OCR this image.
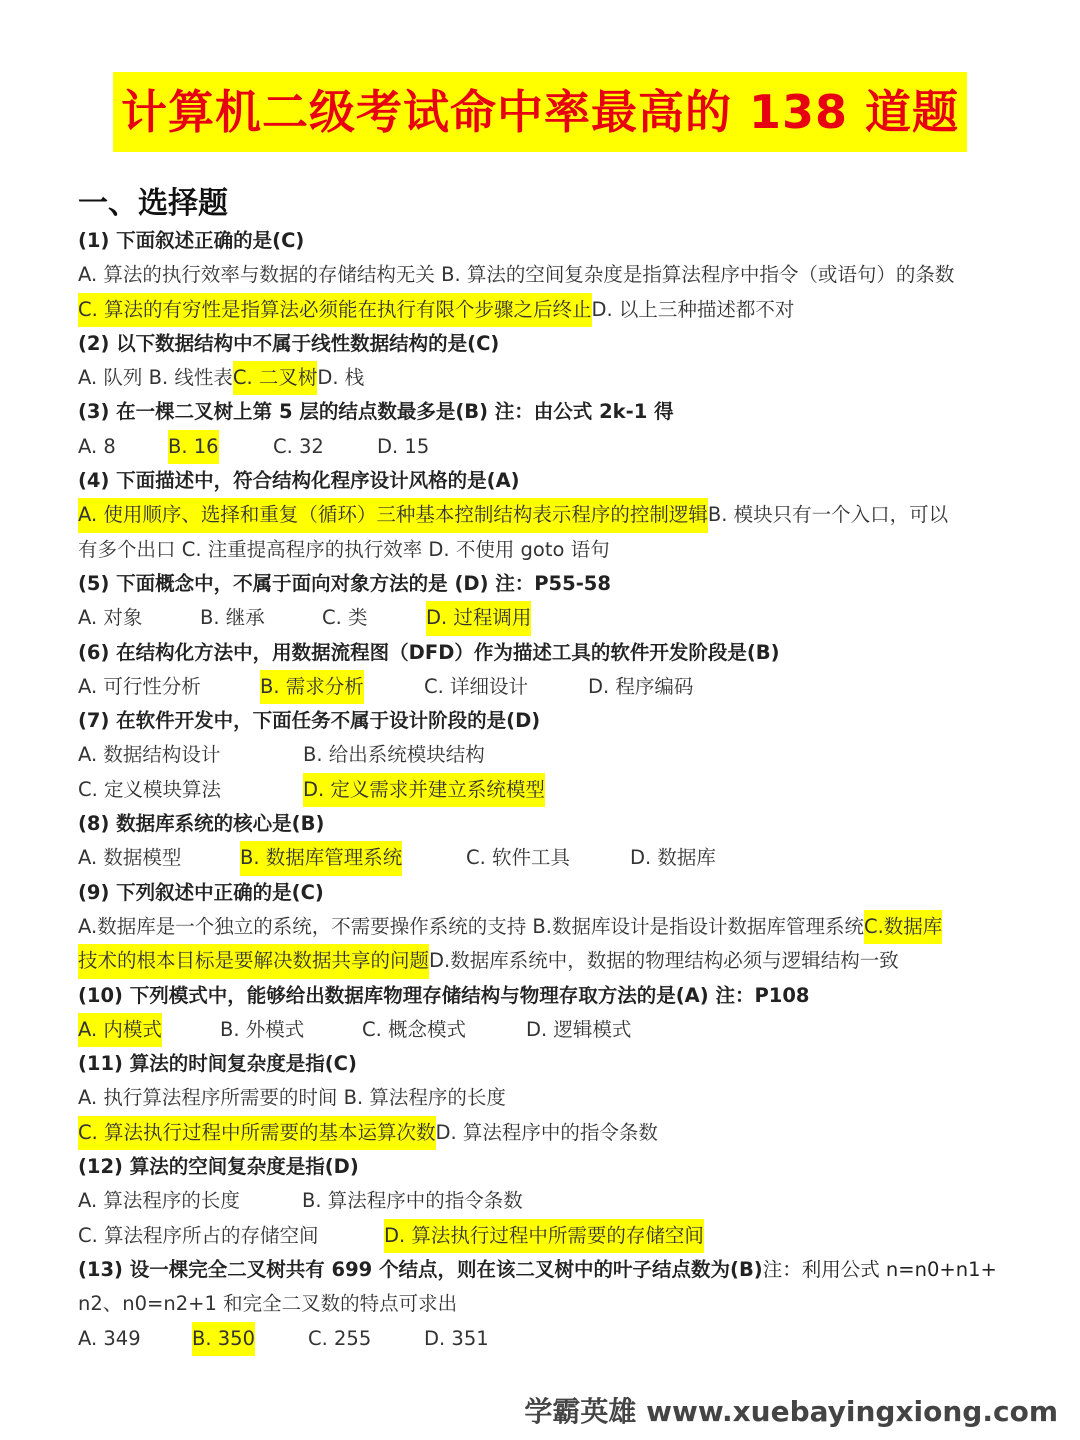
计算机二级考试命中率最高的 138 道题
一、选择题
(1) 下面叙述正确的是(C)
A. 算法的执行效率与数据的存储结构无关 B. 算法的空间复杂度是指算法程序中指令（或语句）的条数
C. 算法的有穷性是指算法必须能在执行有限个步骤之后终止D. 以上三种描述都不对
(2) 以下数据结构中不属于线性数据结构的是(C)
A. 队列 B. 线性表C. 二叉树D. 栈
(3) 在一棵二叉树上第 5 层的结点数最多是(B) 注：由公式 2k-1 得
A. 8	B. 16	C. 32	D. 15
(4) 下面描述中，符合结构化程序设计风格的是(A)
A. 使用顺序、选择和重复（循环）三种基本控制结构表示程序的控制逻辑B. 模块只有一个入口，可以
有多个出口 C. 注重提高程序的执行效率 D. 不使用 goto 语句
(5) 下面概念中，不属于面向对象方法的是 (D) 注：P55-58
A. 对象	B. 继承	C. 类	D. 过程调用
(6) 在结构化方法中，用数据流程图（DFD）作为描述工具的软件开发阶段是(B)
A. 可行性分析	B. 需求分析	C. 详细设计	D. 程序编码
(7) 在软件开发中，下面任务不属于设计阶段的是(D)
A. 数据结构设计	B. 给出系统模块结构
C. 定义模块算法	D. 定义需求并建立系统模型
(8) 数据库系统的核心是(B)
A. 数据模型	B. 数据库管理系统	C. 软件工具	D. 数据库
(9) 下列叙述中正确的是(C)
A.数据库是一个独立的系统，不需要操作系统的支持 B.数据库设计是指设计数据库管理系统C.数据库
技术的根本目标是要解决数据共享的问题D.数据库系统中，数据的物理结构必须与逻辑结构一致
(10) 下列模式中，能够给出数据库物理存储结构与物理存取方法的是(A) 注：P108
A. 内模式	B. 外模式	C. 概念模式	D. 逻辑模式
(11) 算法的时间复杂度是指(C)
A. 执行算法程序所需要的时间 B. 算法程序的长度
C. 算法执行过程中所需要的基本运算次数D. 算法程序中的指令条数
(12) 算法的空间复杂度是指(D)
A. 算法程序的长度	B. 算法程序中的指令条数
C. 算法程序所占的存储空间	D. 算法执行过程中所需要的存储空间
(13) 设一棵完全二叉树共有 699 个结点，则在该二叉树中的叶子结点数为(B)注：利用公式 n=n0+n1+
n2、n0=n2+1 和完全二叉数的特点可求出
A. 349	B. 350	C. 255	D. 351
学霸英雄 www.xuebayingxiong.com
